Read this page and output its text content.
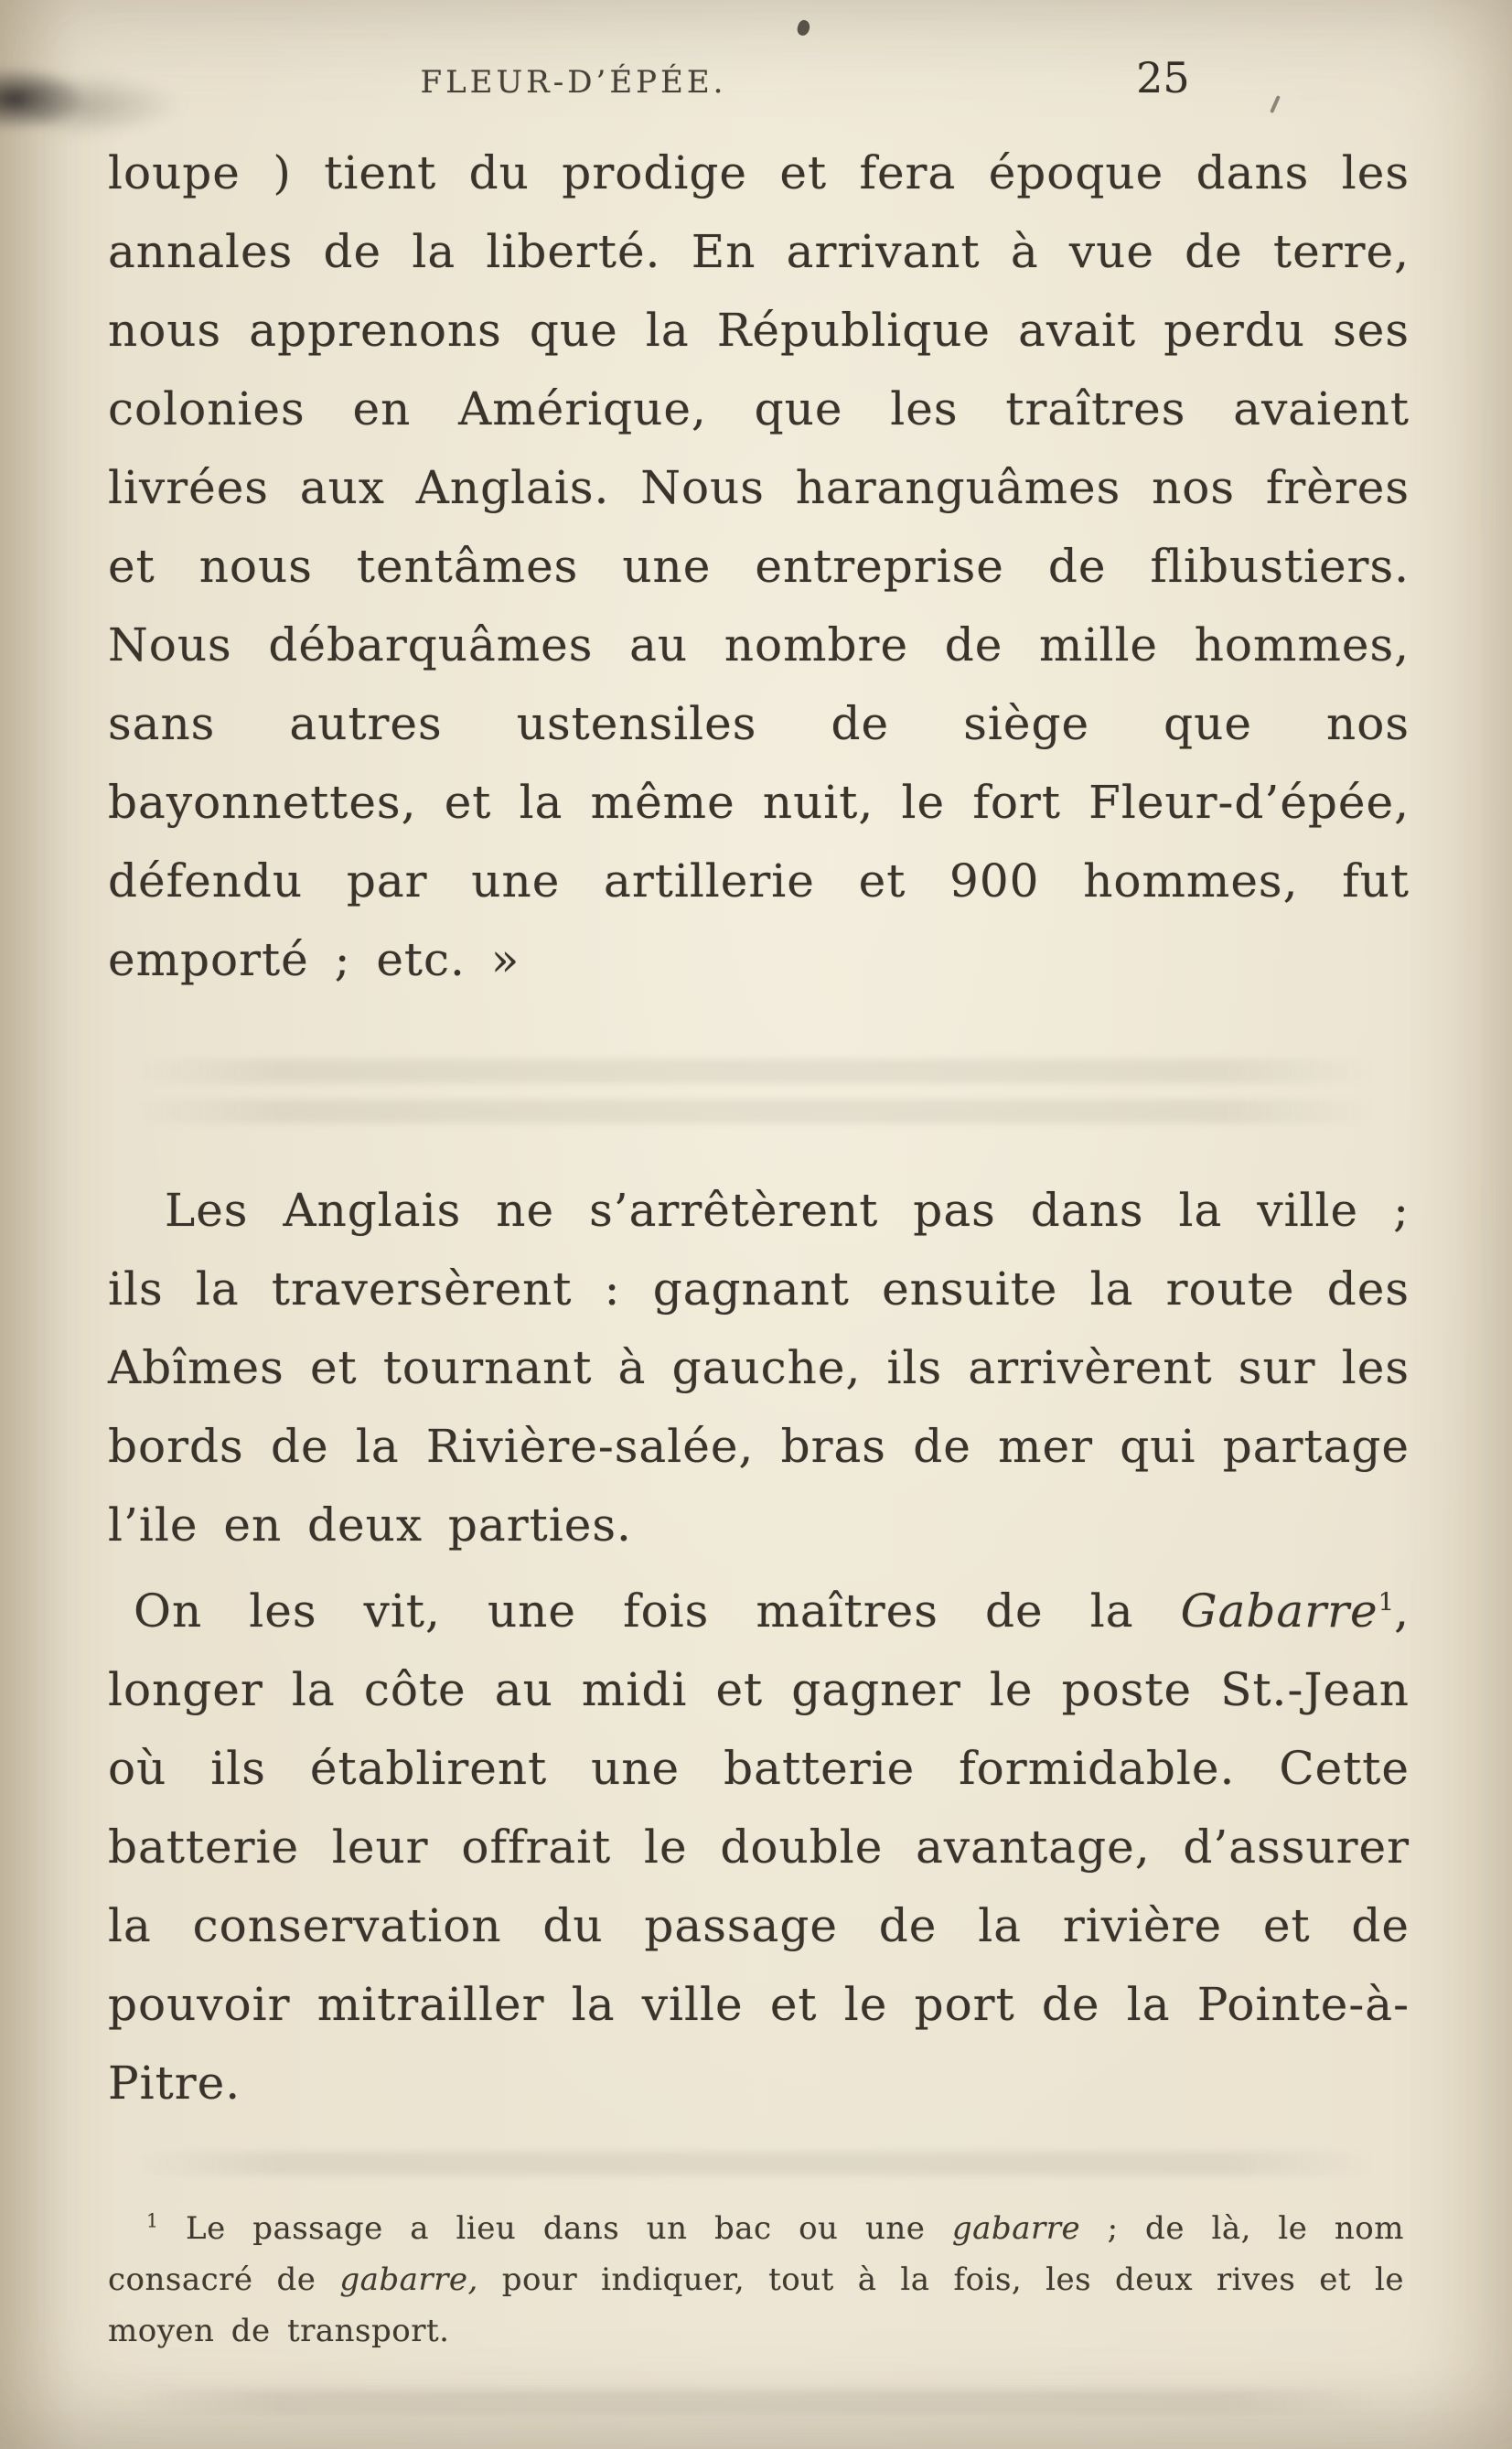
FLEUR-D’ÉPÉE.	25

loupe ) tient du prodige et fera époque dans les annales de la liberté. En arrivant à vue de terre, nous apprenons que la République avait perdu ses colonies en Amérique, que les traîtres avaient livrées aux Anglais. Nous haranguâmes nos frères et nous tentâmes une entreprise de flibustiers. Nous débarquâmes au nombre de mille hommes, sans autres ustensiles de siège que nos bayonnettes, et la même nuit, le fort Fleur-d’épée, défendu par une artillerie et 900 hommes, fut emporté ; etc. »

Les Anglais ne s’arrêtèrent pas dans la ville ; ils la traversèrent : gagnant ensuite la route des Abîmes et tournant à gauche, ils arrivèrent sur les bords de la Rivière-salée, bras de mer qui partage l’ile en deux parties.

On les vit, une fois maîtres de la Gabarre$^1$, longer la côte au midi et gagner le poste St.-Jean où ils établirent une batterie formidable. Cette batterie leur offrait le double avantage, d’assurer la conservation du passage de la rivière et de pouvoir mitrailler la ville et le port de la Pointe-à-Pitre.

$^1$ Le passage a lieu dans un bac ou une gabarre ; de là, le nom consacré de gabarre, pour indiquer, tout à la fois, les deux rives et le moyen de transport.
